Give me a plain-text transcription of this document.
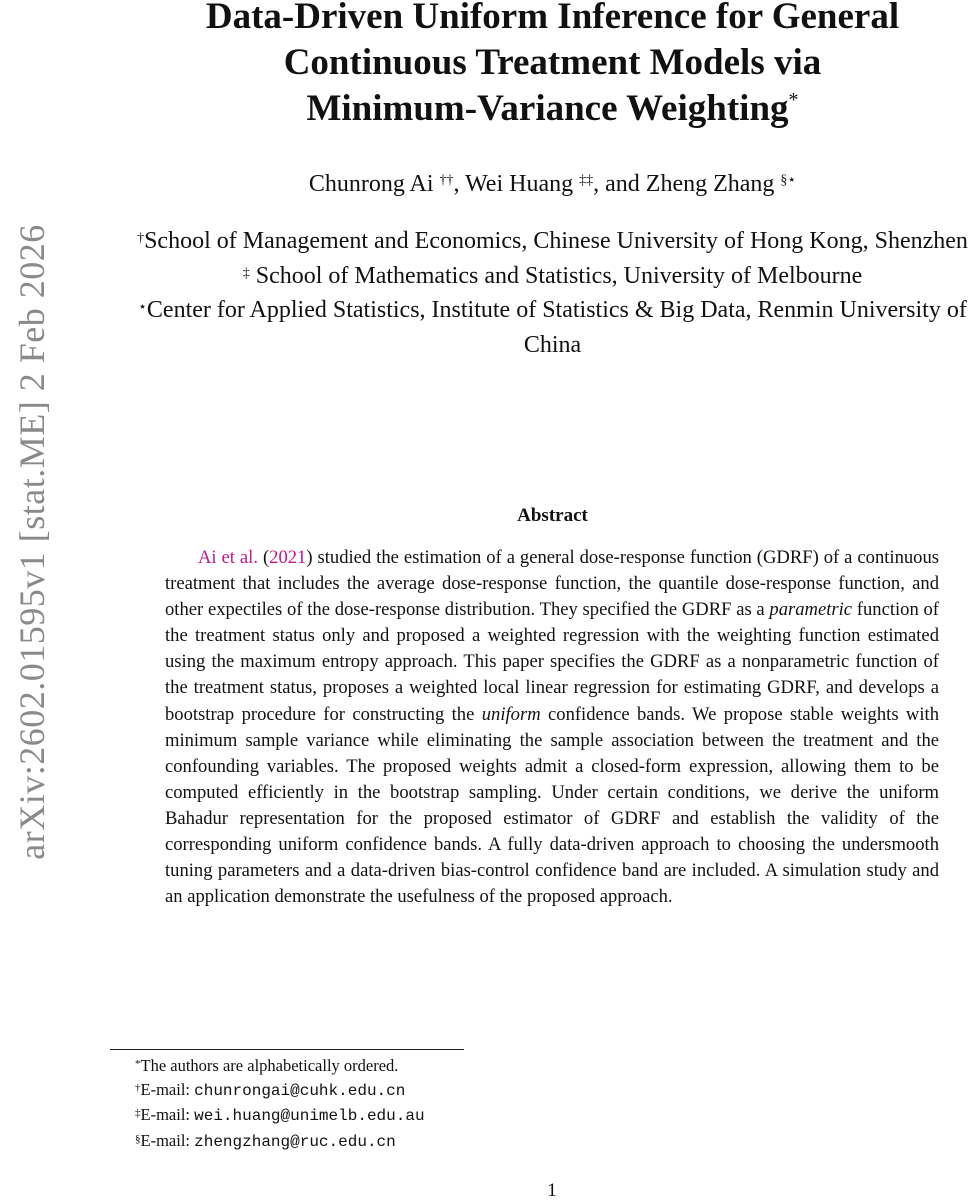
arXiv:2602.01595v1 [stat.ME] 2 Feb 2026
Data-Driven Uniform Inference for General
Continuous Treatment Models via
Minimum-Variance Weighting*
Chunrong Ai ††, Wei Huang ‡‡, and Zheng Zhang §⋆
†School of Management and Economics, Chinese University of Hong Kong, Shenzhen
‡ School of Mathematics and Statistics, University of Melbourne
⋆Center for Applied Statistics, Institute of Statistics & Big Data, Renmin University of China
Abstract
Ai et al. (2021) studied the estimation of a general dose-response function (GDRF) of a continuous treatment that includes the average dose-response function, the quantile dose-response function, and other expectiles of the dose-response distribution. They specified the GDRF as a parametric function of the treatment status only and proposed a weighted regression with the weighting function estimated using the maximum entropy approach. This paper specifies the GDRF as a nonparametric function of the treatment status, proposes a weighted local linear regression for estimating GDRF, and develops a bootstrap procedure for constructing the uniform confidence bands. We propose stable weights with minimum sample variance while eliminating the sample association between the treatment and the confounding variables. The proposed weights admit a closed-form expression, allowing them to be computed efficiently in the bootstrap sampling. Under certain conditions, we derive the uniform Bahadur representation for the proposed estimator of GDRF and establish the validity of the corresponding uniform confidence bands. A fully data-driven approach to choosing the undersmooth tuning parameters and a data-driven bias-control confidence band are included. A simulation study and an application demonstrate the usefulness of the proposed approach.
*The authors are alphabetically ordered.
†E-mail: chunrongai@cuhk.edu.cn
‡E-mail: wei.huang@unimelb.edu.au
§E-mail: zhengzhang@ruc.edu.cn
1
